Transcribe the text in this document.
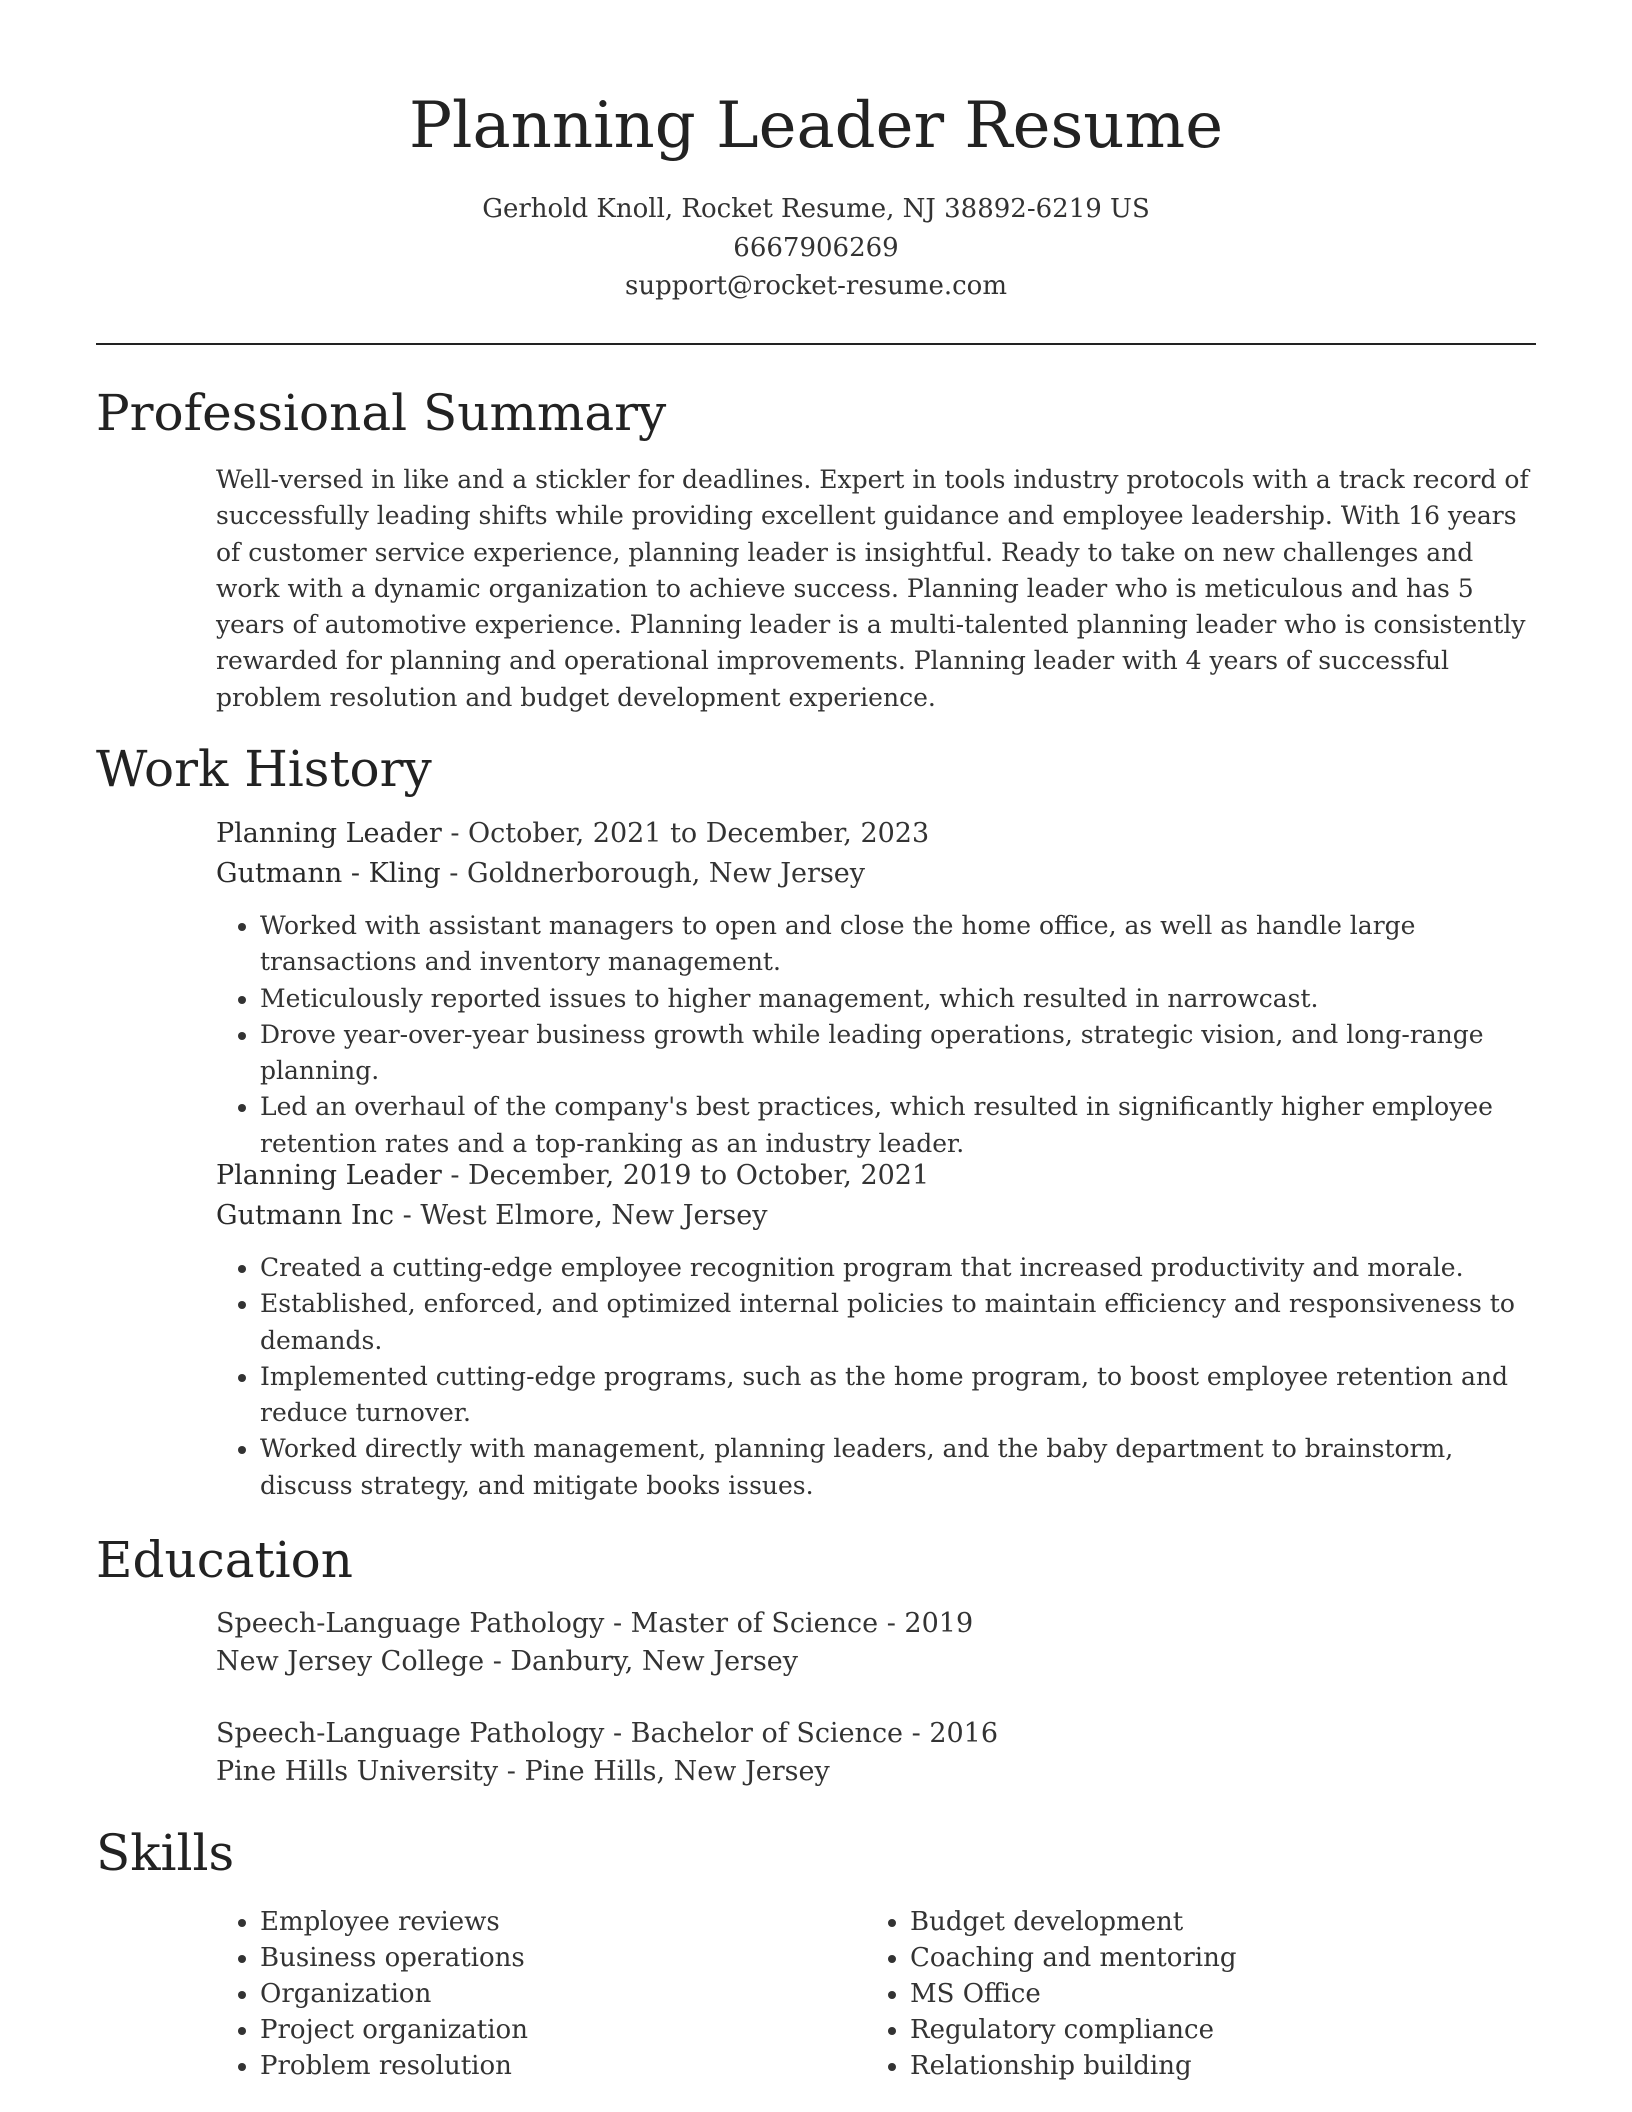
Planning Leader Resume
Gerhold Knoll, Rocket Resume, NJ 38892-6219 US
6667906269
support@rocket-resume.com
Professional Summary

Well-versed in like and a stickler for deadlines. Expert in tools industry protocols with a track record of successfully leading shifts while providing excellent guidance and employee leadership. With 16 years of customer service experience, planning leader is insightful. Ready to take on new challenges and work with a dynamic organization to achieve success. Planning leader who is meticulous and has 5 years of automotive experience. Planning leader is a multi-talented planning leader who is consistently rewarded for planning and operational improvements. Planning leader with 4 years of successful problem resolution and budget development experience.

Work History
Planning Leader - October, 2021 to December, 2023
Gutmann - Kling - Goldnerborough, New Jersey
• Worked with assistant managers to open and close the home office, as well as handle large transactions and inventory management.
• Meticulously reported issues to higher management, which resulted in narrowcast.
• Drove year-over-year business growth while leading operations, strategic vision, and long-range planning.
• Led an overhaul of the company's best practices, which resulted in significantly higher employee retention rates and a top-ranking as an industry leader.
Planning Leader - December, 2019 to October, 2021
Gutmann Inc - West Elmore, New Jersey
• Created a cutting-edge employee recognition program that increased productivity and morale.
• Established, enforced, and optimized internal policies to maintain efficiency and responsiveness to demands.
• Implemented cutting-edge programs, such as the home program, to boost employee retention and reduce turnover.
• Worked directly with management, planning leaders, and the baby department to brainstorm, discuss strategy, and mitigate books issues.
Education
Speech-Language Pathology - Master of Science - 2019
New Jersey College - Danbury, New Jersey
Speech-Language Pathology - Bachelor of Science - 2016
Pine Hills University - Pine Hills, New Jersey
Skills
• Employee reviews
• Business operations
• Organization
• Project organization
• Problem resolution
• Budget development
• Coaching and mentoring
• MS Office
• Regulatory compliance
• Relationship building
